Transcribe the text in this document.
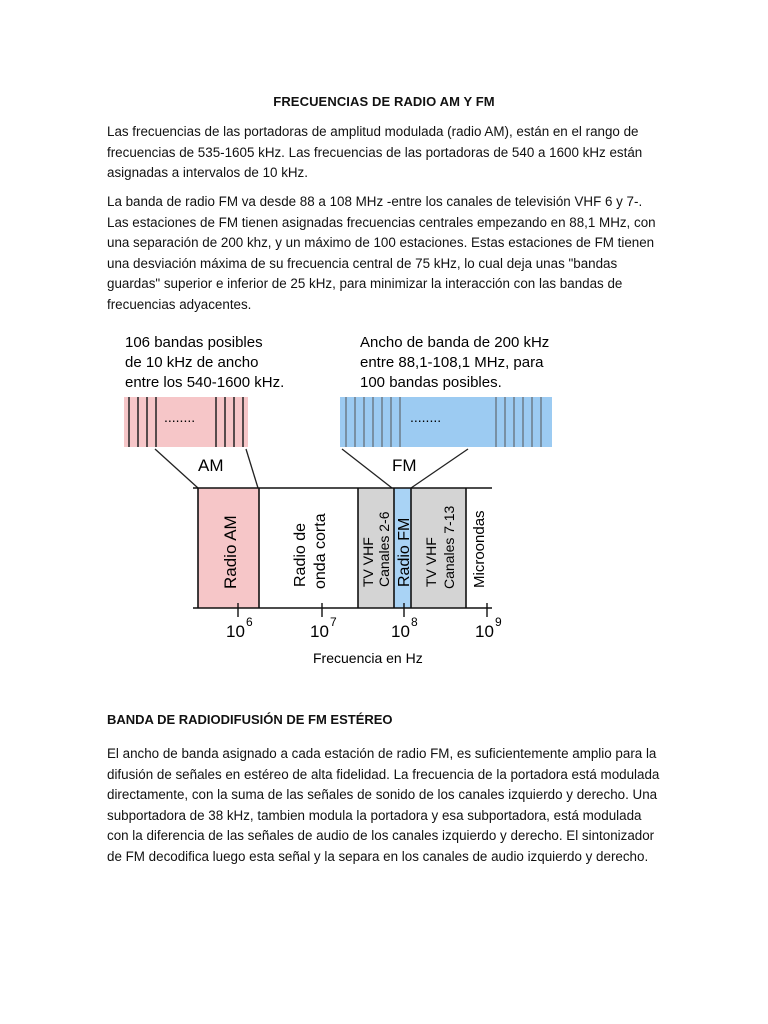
FRECUENCIAS DE RADIO AM Y FM

Las frecuencias de las portadoras de amplitud modulada (radio AM), están en el rango de frecuencias de 535-1605 kHz. Las frecuencias de las portadoras de 540 a 1600 kHz están asignadas a intervalos de 10 kHz.

La banda de radio FM va desde 88 a 108 MHz -entre los canales de televisión VHF 6 y 7-. Las estaciones de FM tienen asignadas frecuencias centrales empezando en 88,1 MHz, con una separación de 200 khz, y un máximo de 100 estaciones. Estas estaciones de FM tienen una desviación máxima de su frecuencia central de 75 kHz, lo cual deja unas "bandas guardas" superior e inferior de 25 kHz, para minimizar la interacción con las bandas de frecuencias adyacentes.

106 bandas posibles
de 10 kHz de ancho
entre los 540-1600 kHz.
Ancho de banda de 200 kHz
entre 88,1-108,1 MHz, para
100 bandas posibles.
........	........
AM	FM
Radio AM	Radio de onda corta TV VHF Canales 2-6 Radio FM TV VHF Canales 7-13 Microondas
10 6	10 7	10 8	10 9
Frecuencia en Hz
BANDA DE RADIODIFUSIÓN DE FM ESTÉREO

El ancho de banda asignado a cada estación de radio FM, es suficientemente amplio para la difusión de señales en estéreo de alta fidelidad. La frecuencia de la portadora está modulada directamente, con la suma de las señales de sonido de los canales izquierdo y derecho. Una subportadora de 38 kHz, tambien modula la portadora y esa subportadora, está modulada con la diferencia de las señales de audio de los canales izquierdo y derecho. El sintonizador de FM decodifica luego esta señal y la separa en los canales de audio izquierdo y derecho.
